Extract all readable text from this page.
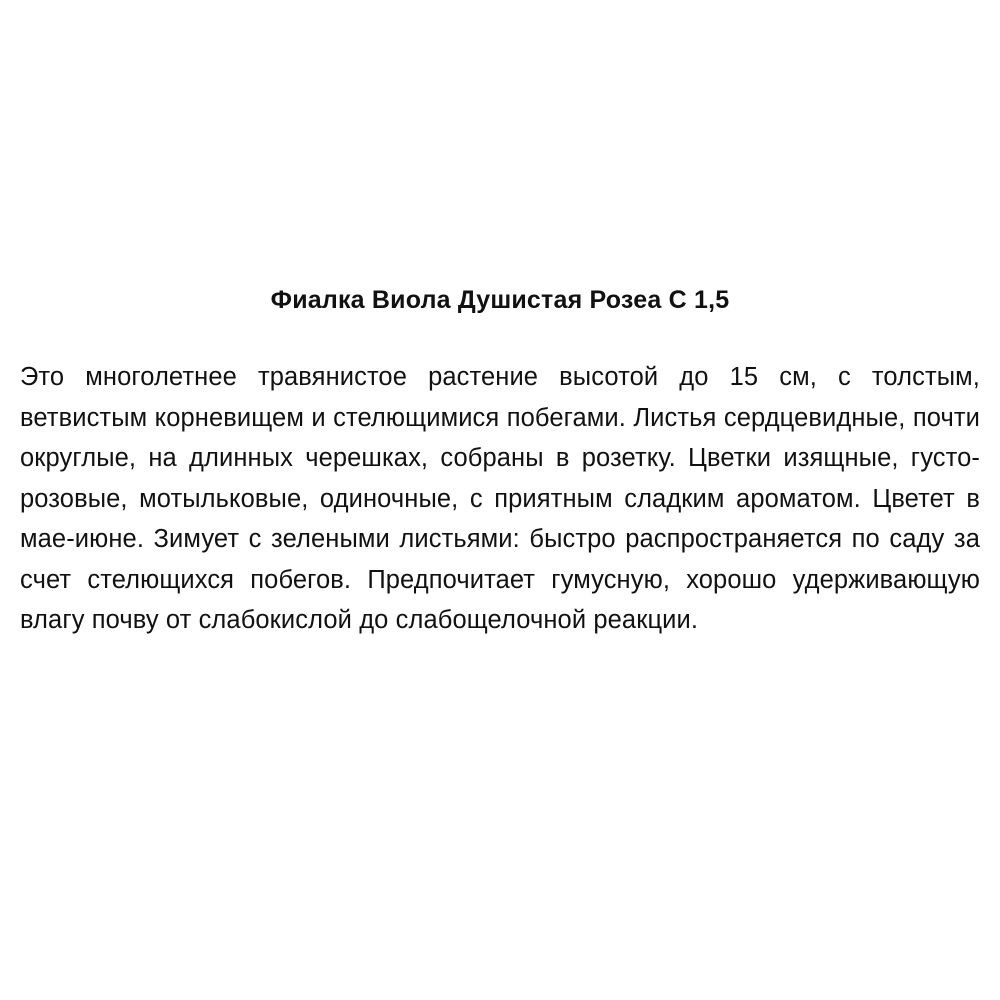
Фиалка Виола Душистая Розеа С 1,5

Это многолетнее травянистое растение высотой до 15 см, с толстым, ветвистым корневищем и стелющимися побегами. Листья сердцевидные, почти округлые, на длинных черешках, собраны в розетку. Цветки изящные, густо-розовые, мотыльковые, одиночные, с приятным сладким ароматом. Цветет в мае-июне. Зимует с зелеными листьями: быстро распространяется по саду за счет стелющихся побегов. Предпочитает гумусную, хорошо удерживающую влагу почву от слабокислой до слабощелочной реакции.
